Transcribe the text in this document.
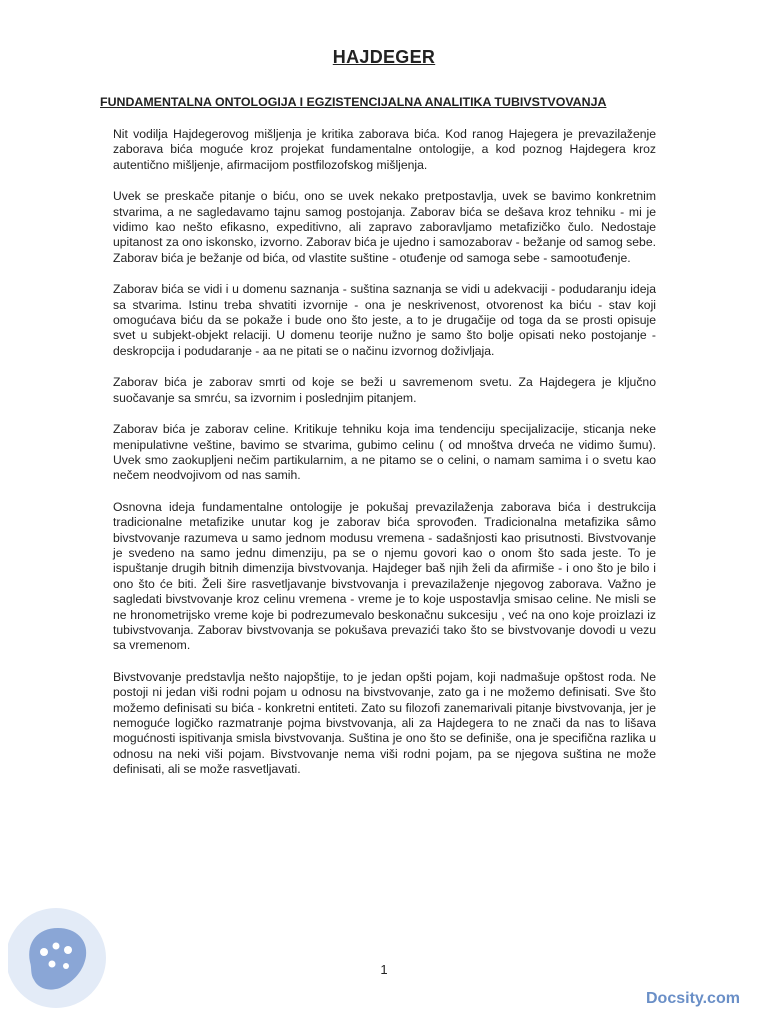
HAJDEGER
FUNDAMENTALNA ONTOLOGIJA I EGZISTENCIJALNA ANALITIKA TUBIVSTVOVANJA

Nit vodilja Hajdegerovog mišljenja je kritika zaborava bića. Kod ranog Hajegera je prevazilaženje zaborava bića moguće kroz projekat fundamentalne ontologije, a kod poznog Hajdegera kroz autentično mišljenje, afirmacijom postfilozofskog mišljenja.

Uvek se preskače pitanje o biću, ono se uvek nekako pretpostavlja, uvek se bavimo konkretnim stvarima, a ne sagledavamo tajnu samog postojanja. Zaborav bića se dešava kroz tehniku - mi je vidimo kao nešto efikasno, expeditivno, ali zapravo zaboravljamo metafizičko čulo. Nedostaje upitanost za ono iskonsko, izvorno. Zaborav bića je ujedno i samozaborav - bežanje od samog sebe. Zaborav bića je bežanje od bića, od vlastite suštine - otuđenje od samoga sebe - samootuđenje.

Zaborav bića se vidi i u domenu saznanja - suština saznanja se vidi u adekvaciji - podudaranju ideja sa stvarima. Istinu treba shvatiti izvornije - ona je neskrivenost, otvorenost ka biću - stav koji omogućava biću da se pokaže i bude ono što jeste, a to je drugačije od toga da se prosti opisuje svet u subjekt-objekt relaciji. U domenu teorije nužno je samo što bolje opisati neko postojanje - deskropcija i podudaranje - aa ne pitati se o načinu izvornog doživljaja.

Zaborav bića je zaborav smrti od koje se beži u savremenom svetu. Za Hajdegera je ključno suočavanje sa smrću, sa izvornim i poslednjim pitanjem.

Zaborav bića je zaborav celine. Kritikuje tehniku koja ima tendenciju specijalizacije, sticanja neke menipulativne veštine, bavimo se stvarima, gubimo celinu ( od mnoštva drveća ne vidimo šumu). Uvek smo zaokupljeni nečim partikularnim, a ne pitamo se o celini, o namam samima i o svetu kao nečem neodvojivom od nas samih.

Osnovna ideja fundamentalne ontologije je pokušaj prevazilaženja zaborava bića i destrukcija tradicionalne metafizike unutar kog je zaborav bića sprovođen. Tradicionalna metafizika sâmo bivstvovanje razumeva u samo jednom modusu vremena - sadašnjosti kao prisutnosti. Bivstvovanje je svedeno na samo jednu dimenziju, pa se o njemu govori kao o onom što sada jeste. To je ispuštanje drugih bitnih dimenzija bivstvovanja. Hajdeger baš njih želi da afirmiše - i ono što je bilo i ono što će biti. Želi šire rasvetljavanje bivstvovanja i prevazilaženje njegovog zaborava. Važno je sagledati bivstvovanje kroz celinu vremena - vreme je to koje uspostavlja smisao celine. Ne misli se ne hronometrijsko vreme koje bi podrezumevalo beskonačnu sukcesiju , već na ono koje proizlazi iz tubivstvovanja. Zaborav bivstvovanja se pokušava prevazići tako što se bivstvovanje dovodi u vezu sa vremenom.

Bivstvovanje predstavlja nešto najopštije, to je jedan opšti pojam, koji nadmašuje opštost roda. Ne postoji ni jedan viši rodni pojam u odnosu na bivstvovanje, zato ga i ne možemo definisati. Sve što možemo definisati su bića - konkretni entiteti. Zato su filozofi zanemarivali pitanje bivstvovanja, jer je nemoguće logičko razmatranje pojma bivstvovanja, ali za Hajdegera to ne znači da nas to lišava mogućnosti ispitivanja smisla bivstvovanja. Suština je ono što se definiše, ona je specifična razlika u odnosu na neki viši pojam. Bivstvovanje nema viši rodni pojam, pa se njegova suština ne može definisati, ali se može rasvetljavati.

1
Docsity.com
